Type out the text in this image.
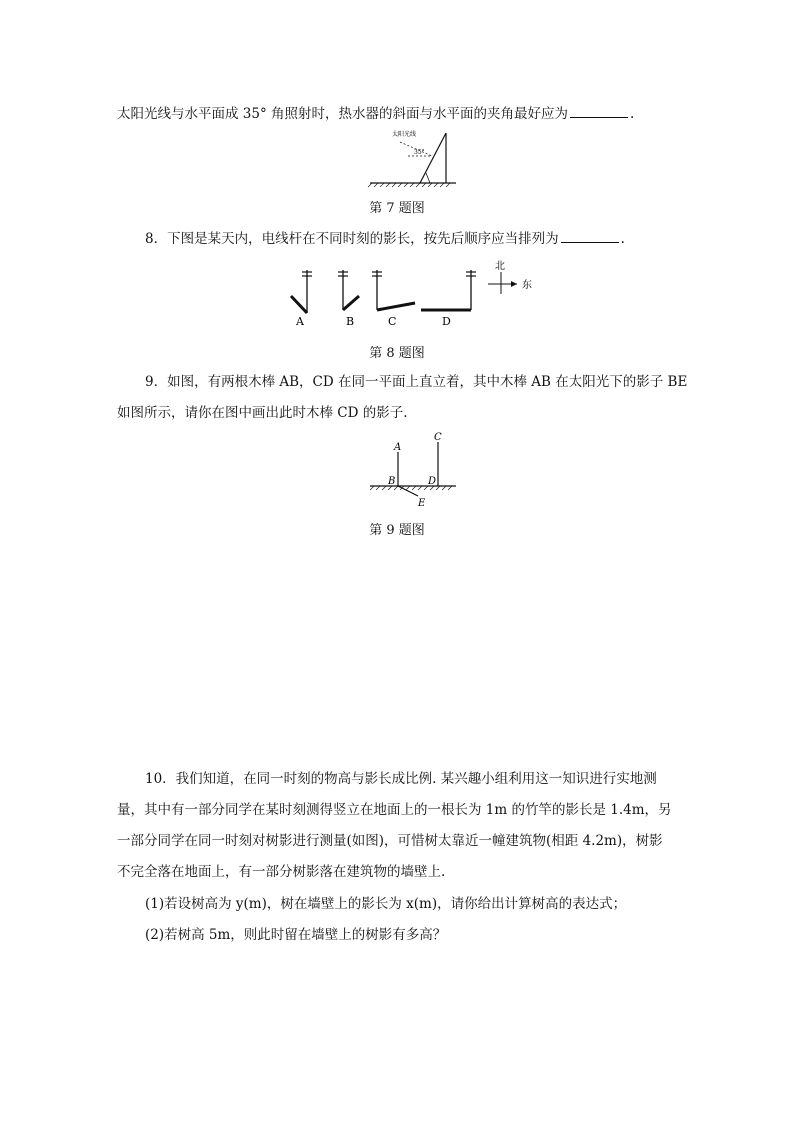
太阳光线与水平面成 35° 角照射时，热水器的斜面与水平面的夹角最好应为	.
太阳光线
35°
第 7 题图
8．下图是某天内，电线杆在不同时刻的影长，按先后顺序应当排列为	.
A	B	C	D
北
东
第 8 题图
9．如图，有两根木棒 AB，CD 在同一平面上直立着，其中木棒 AB 在太阳光下的影子 BE
如图所示，请你在图中画出此时木棒 CD 的影子.
A
B
C
D
E
第 9 题图
10．我们知道，在同一时刻的物高与影长成比例. 某兴趣小组利用这一知识进行实地测
量，其中有一部分同学在某时刻测得竖立在地面上的一根长为 1m 的竹竿的影长是 1.4m，另
一部分同学在同一时刻对树影进行测量(如图)，可惜树太靠近一幢建筑物(相距 4.2m)，树影
不完全落在地面上，有一部分树影落在建筑物的墙壁上.
(1)若设树高为 y(m)，树在墙壁上的影长为 x(m)，请你给出计算树高的表达式；
(2)若树高 5m，则此时留在墙壁上的树影有多高？
